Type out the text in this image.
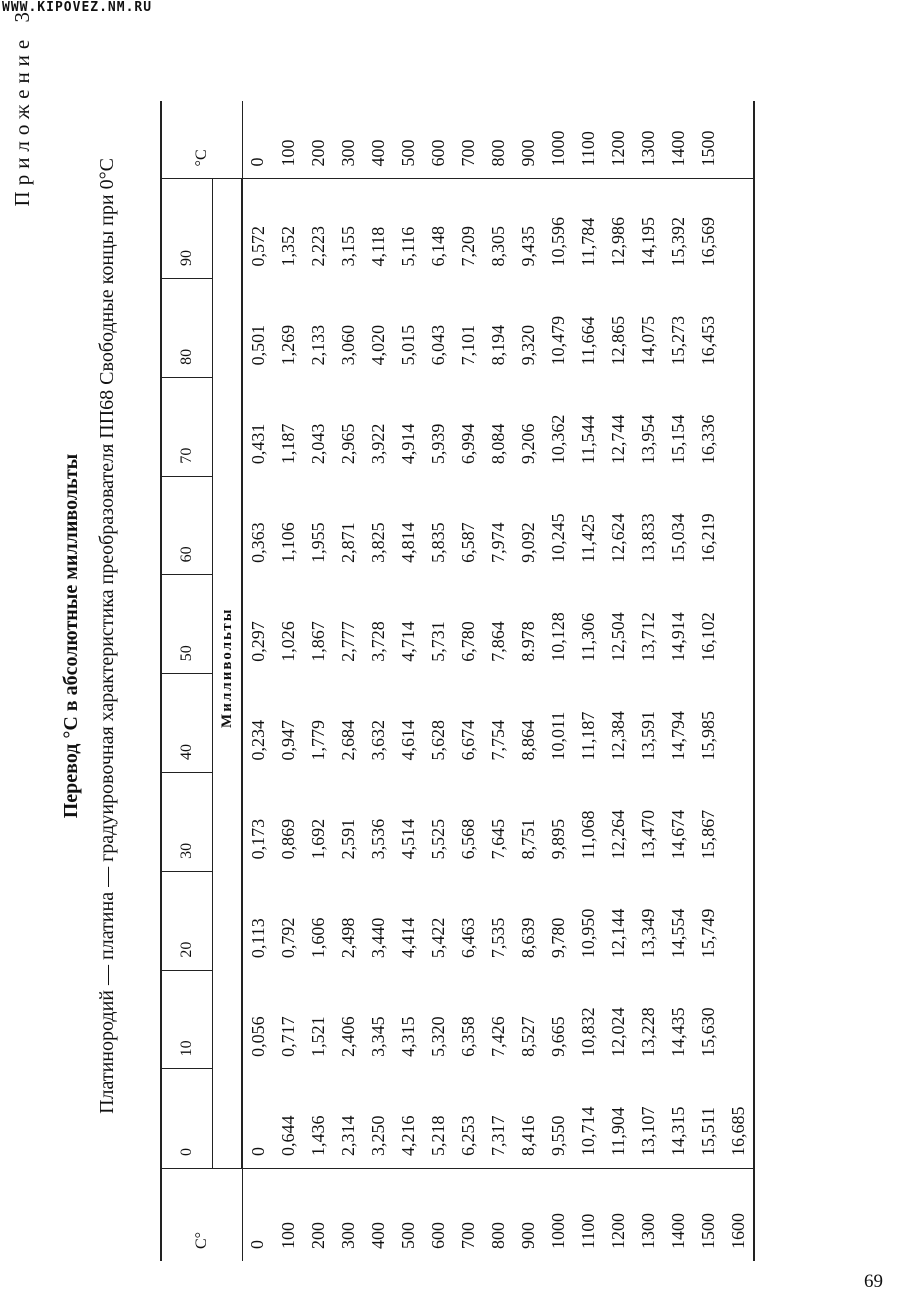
WWW.KIPOVEZ.NM.RU
69
Приложение 3
Перевод °С в абсолютные милливольты Платинородий — платина — градуировочная характеристика преобразователя ПП68 Свободные концы при 0°С
С°	0	10	20	30	40	50	60	70	80	90	°С
	Милливольты										
0	0	0,056	0,113	0,173	0,234	0,297	0,363	0,431	0,501	0,572	0
100	0,644	0,717	0,792	0,869	0,947	1,026	1,106	1,187	1,269	1,352	100
200	1,436	1,521	1,606	1,692	1,779	1,867	1,955	2,043	2,133	2,223	200
300	2,314	2,406	2,498	2,591	2,684	2,777	2,871	2,965	3,060	3,155	300
400	3,250	3,345	3,440	3,536	3,632	3,728	3,825	3,922	4,020	4,118	400
500	4,216	4,315	4,414	4,514	4,614	4,714	4,814	4,914	5,015	5,116	500
600	5,218	5,320	5,422	5,525	5,628	5,731	5,835	5,939	6,043	6,148	600
700	6,253	6,358	6,463	6,568	6,674	6,780	6,587	6,994	7,101	7,209	700
800	7,317	7,426	7,535	7,645	7,754	7,864	7,974	8,084	8,194	8,305	800
900	8,416	8,527	8,639	8,751	8,864	8.978	9,092	9,206	9,320	9,435	900
1000	9,550	9,665	9,780	9,895	10,011	10,128	10,245	10,362	10,479	10,596	1000
1100	10,714	10,832	10,950	11,068	11,187	11,306	11,425	11,544	11,664	11,784	1100
1200	11,904	12,024	12,144	12,264	12,384	12,504	12,624	12,744	12,865	12,986	1200
1300	13,107	13,228	13,349	13,470	13,591	13,712	13,833	13,954	14,075	14,195	1300
1400	14,315	14,435	14,554	14,674	14,794	14,914	15,034	15,154	15,273	15,392	1400
1500	15,511	15,630	15,749	15,867	15,985	16,102	16,219	16,336	16,453	16,569	1500
1600	16,685										
